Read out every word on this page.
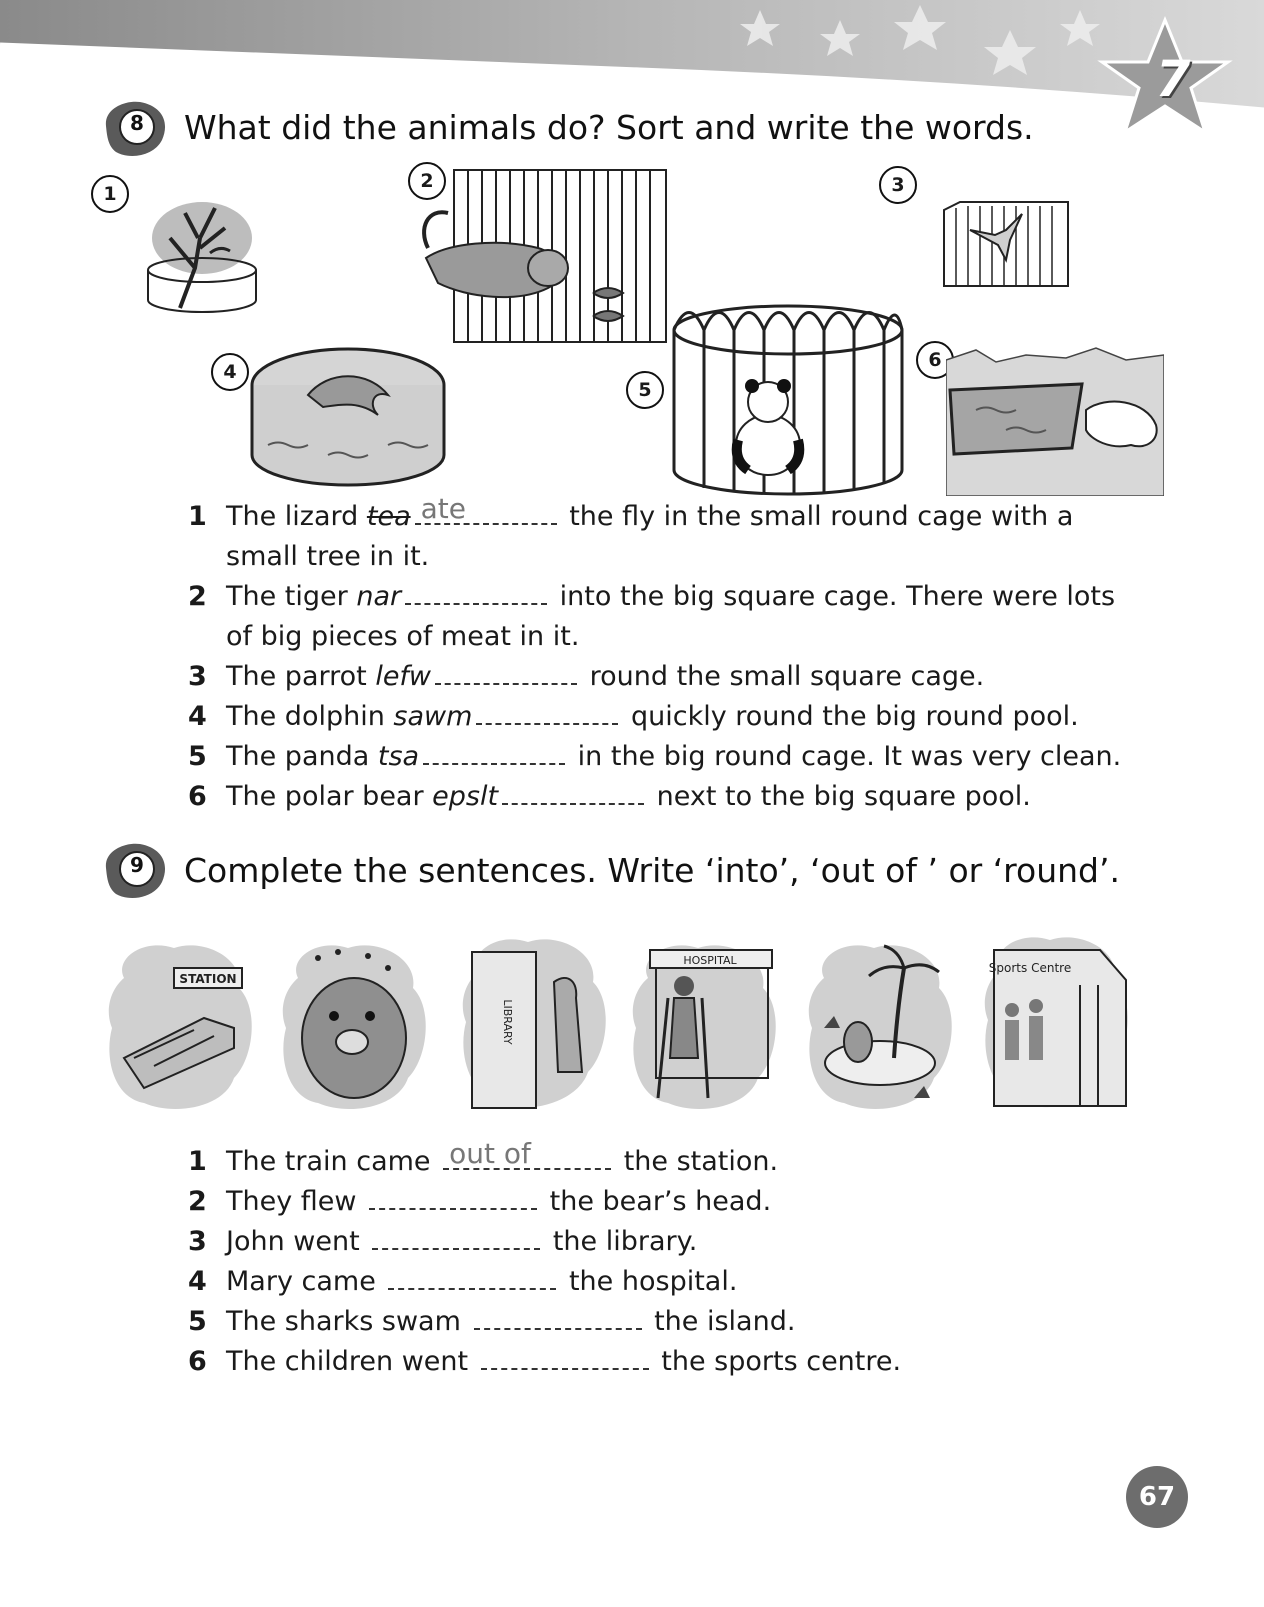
7
8 What did the animals do? Sort and write the words.
1
2	3
4
5
6
1 The lizard tea ate	the fly in the small round cage with a small tree in it.
2 The tiger nar	into the big square cage. There were lots of big pieces of meat in it.
3 The parrot lefw	round the small square cage.
4 The dolphin sawm	quickly round the big round pool.
5 The panda tsa	in the big round cage. It was very clean.
6 The polar bear epslt	next to the big square pool.
9 Complete the sentences. Write ‘into’, ‘out of ’ or ‘round’.
STATION
LIBRARY
HOSPITAL
Sports Centre
1 The train came out of	the station.
2 They flew	the bear’s head.
3 John went	the library.
4 Mary came	the hospital.
5 The sharks swam	the island.
6 The children went	the sports centre.
67
